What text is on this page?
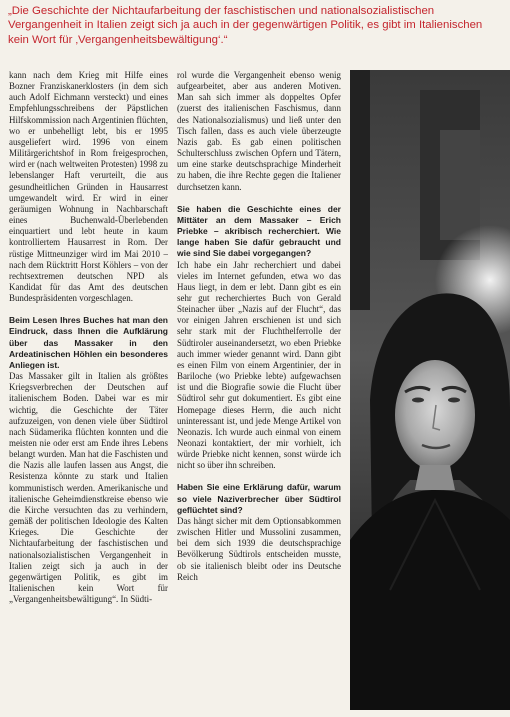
„Die Geschichte der Nichtaufarbeitung der faschistischen und nationalsozialistischen Vergangenheit in Italien zeigt sich ja auch in der gegenwärtigen Politik, es gibt im Italienischen kein Wort für ‚Vergangenheitsbewältigung‘.“

kann nach dem Krieg mit Hilfe eines Bozner Franziskanerklosters (in dem sich auch Adolf Eichmann versteckt) und eines Empfehlungsschreibens der Päpstlichen Hilfskommission nach Argentinien flüchten, wo er unbehelligt lebt, bis er 1995 ausgeliefert wird. 1996 von einem Militärgerichtshof in Rom freigesprochen, wird er (nach weltweiten Protesten) 1998 zu lebenslanger Haft verurteilt, die aus gesundheitlichen Gründen in Hausarrest umgewandelt wird. Er wird in einer geräumigen Wohnung in Nachbarschaft eines Buchenwald-Überlebenden einquartiert und lebt heute in kaum kontrolliertem Hausarrest in Rom. Der rüstige Mittneunziger wird im Mai 2010 – nach dem Rücktritt Horst Köhlers – von der rechtsextremen deutschen NPD als Kandidat für das Amt des deutschen Bundespräsidenten vorgeschlagen.

Beim Lesen Ihres Buches hat man den Eindruck, dass Ihnen die Aufklärung über das Massaker in den Ardeatinischen Höhlen ein besonderes Anliegen ist.

Das Massaker gilt in Italien als größtes Kriegsverbrechen der Deutschen auf italienischem Boden. Dabei war es mir wichtig, die Geschichte der Täter aufzuzeigen, von denen viele über Südtirol nach Südamerika flüchten konnten und die meisten nie oder erst am Ende ihres Lebens belangt wurden. Man hat die Faschisten und die Nazis alle laufen lassen aus Angst, die Resistenza könnte zu stark und Italien kommunistisch werden. Amerikanische und italienische Geheimdienstkreise ebenso wie die Kirche versuchten das zu verhindern, gemäß der politischen Ideologie des Kalten Krieges. Die Geschichte der Nichtaufarbeitung der faschistischen und nationalsozialistischen Vergangenheit in Italien zeigt sich ja auch in der gegenwärtigen Politik, es gibt im Italienischen kein Wort für „Vergangenheitsbewältigung“. In Südti-

rol wurde die Vergangenheit ebenso wenig aufgearbeitet, aber aus anderen Motiven. Man sah sich immer als doppeltes Opfer (zuerst des italienischen Faschismus, dann des Nationalsozialismus) und ließ unter den Tisch fallen, dass es auch viele überzeugte Nazis gab. Es gab einen politischen Schulterschluss zwischen Opfern und Tätern, um eine starke deutschsprachige Minderheit zu haben, die ihre Rechte gegen die Italiener durchsetzen kann.

Sie haben die Geschichte eines der Mittäter an dem Massaker – Erich Priebke – akribisch recherchiert. Wie lange haben Sie dafür gebraucht und wie sind Sie dabei vorgegangen?

Ich habe ein Jahr recherchiert und dabei vieles im Internet gefunden, etwa wo das Haus liegt, in dem er lebt. Dann gibt es ein sehr gut recherchiertes Buch von Gerald Steinacher über „Nazis auf der Flucht“, das vor einigen Jahren erschienen ist und sich sehr stark mit der Fluchthelferrolle der Südtiroler auseinandersetzt, wo eben Priebke auch immer wieder genannt wird. Dann gibt es einen Film von einem Argentinier, der in Bariloche (wo Priebke lebte) aufgewachsen ist und die Biografie sowie die Flucht über Südtirol sehr gut dokumentiert. Es gibt eine Homepage dieses Herrn, die auch nicht uninteressant ist, und jede Menge Artikel von Neonazis. Ich wurde auch einmal von einem Neonazi kontaktiert, der mir vorhielt, ich würde Priebke nicht kennen, sonst würde ich nicht so über ihn schreiben.

Haben Sie eine Erklärung dafür, warum so viele Naziverbrecher über Südtirol geflüchtet sind?

Das hängt sicher mit dem Optionsabkommen zwischen Hitler und Mussolini zusammen, bei dem sich 1939 die deutschsprachige Bevölkerung Südtirols entscheiden musste, ob sie italienisch bleibt oder ins Deutsche Reich
